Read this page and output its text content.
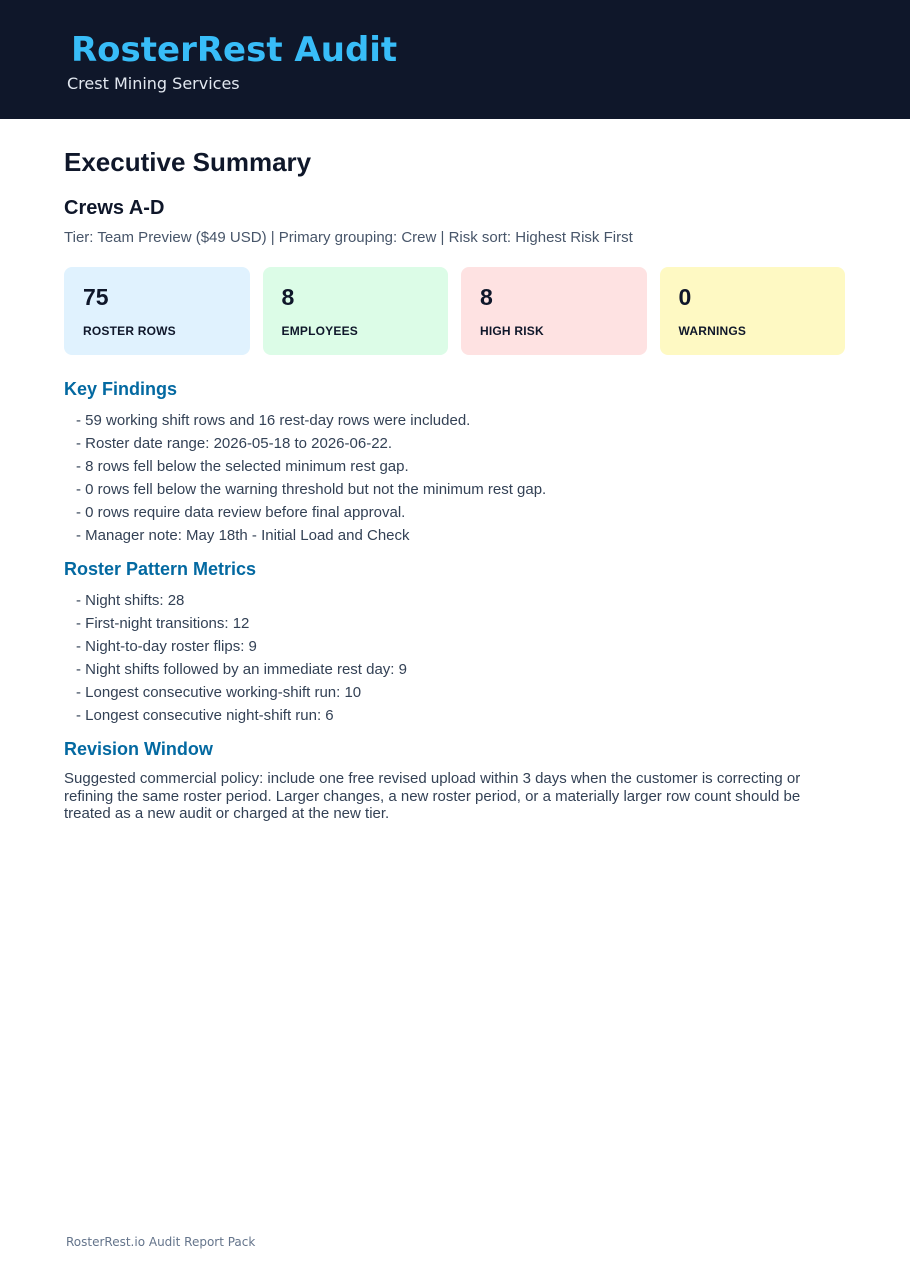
RosterRest Audit
Crest Mining Services
Executive Summary
Crews A-D

Tier: Team Preview ($49 USD) | Primary grouping: Crew | Risk sort: Highest Risk First

75
ROSTER ROWS
8
EMPLOYEES
8
HIGH RISK
0
WARNINGS
Key Findings
- 59 working shift rows and 16 rest-day rows were included.
- Roster date range: 2026-05-18 to 2026-06-22.
- 8 rows fell below the selected minimum rest gap.
- 0 rows fell below the warning threshold but not the minimum rest gap.
- 0 rows require data review before final approval.
- Manager note: May 18th - Initial Load and Check
Roster Pattern Metrics
- Night shifts: 28
- First-night transitions: 12
- Night-to-day roster flips: 9
- Night shifts followed by an immediate rest day: 9
- Longest consecutive working-shift run: 10
- Longest consecutive night-shift run: 6
Revision Window

Suggested commercial policy: include one free revised upload within 3 days when the customer is correcting or refining the same roster period. Larger changes, a new roster period, or a materially larger row count should be treated as a new audit or charged at the new tier.

RosterRest.io Audit Report Pack
